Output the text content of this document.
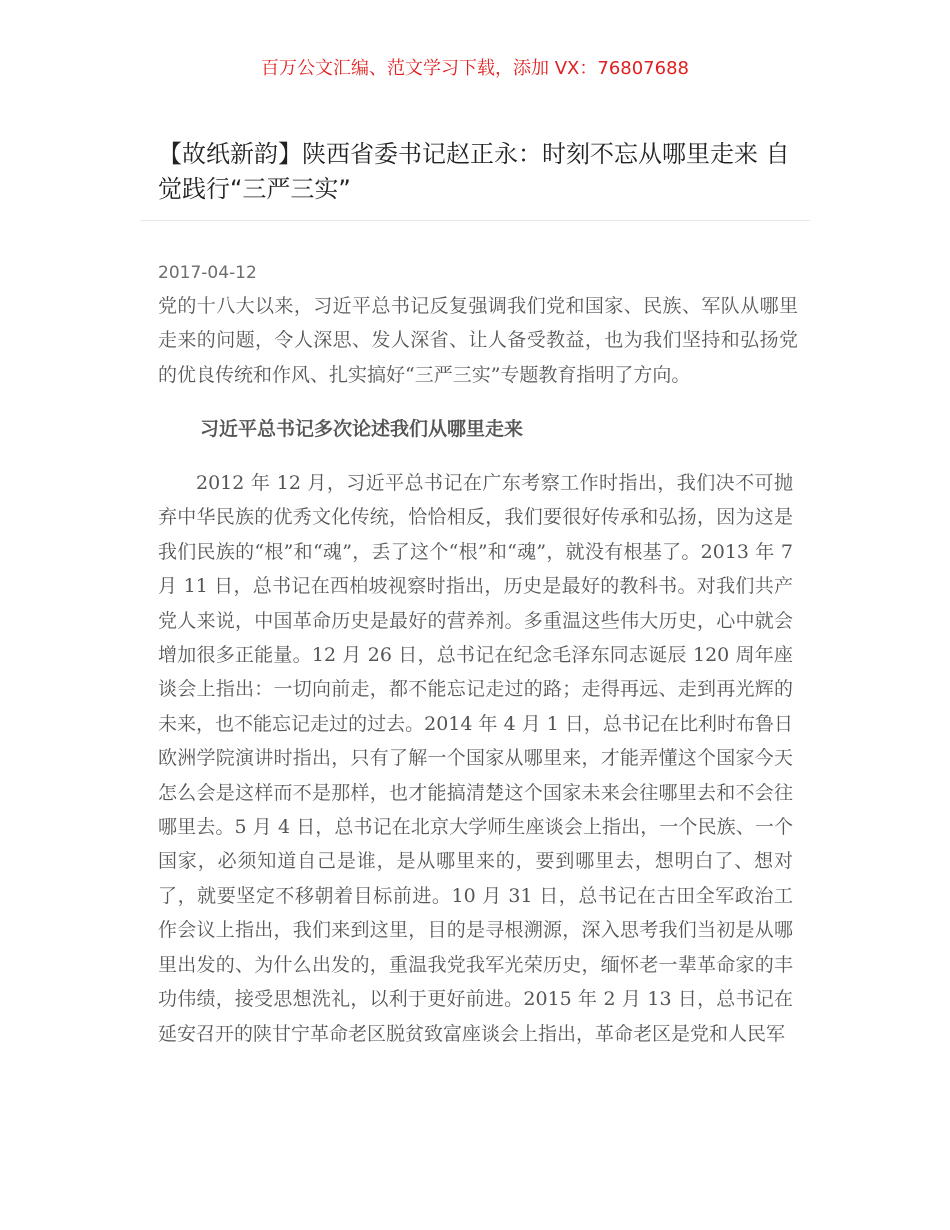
百万公文汇编、范文学习下载，添加 VX：76807688
【故纸新韵】陕西省委书记赵正永：时刻不忘从哪里走来 自觉践行“三严三实”
2017-04-12

党的十八大以来，习近平总书记反复强调我们党和国家、民族、军队从哪里走来的问题，令人深思、发人深省、让人备受教益，也为我们坚持和弘扬党的优良传统和作风、扎实搞好“三严三实”专题教育指明了方向。

习近平总书记多次论述我们从哪里走来

2012 年 12 月，习近平总书记在广东考察工作时指出，我们决不可抛弃中华民族的优秀文化传统，恰恰相反，我们要很好传承和弘扬，因为这是我们民族的“根”和“魂”，丢了这个“根”和“魂”，就没有根基了。2013 年 7 月 11 日，总书记在西柏坡视察时指出，历史是最好的教科书。对我们共产党人来说，中国革命历史是最好的营养剂。多重温这些伟大历史，心中就会增加很多正能量。12 月 26 日，总书记在纪念毛泽东同志诞辰 120 周年座谈会上指出：一切向前走，都不能忘记走过的路；走得再远、走到再光辉的未来，也不能忘记走过的过去。2014 年 4 月 1 日，总书记在比利时布鲁日欧洲学院演讲时指出，只有了解一个国家从哪里来，才能弄懂这个国家今天怎么会是这样而不是那样，也才能搞清楚这个国家未来会往哪里去和不会往哪里去。5 月 4 日，总书记在北京大学师生座谈会上指出，一个民族、一个国家，必须知道自己是谁，是从哪里来的，要到哪里去，想明白了、想对了，就要坚定不移朝着目标前进。10 月 31 日，总书记在古田全军政治工作会议上指出，我们来到这里，目的是寻根溯源，深入思考我们当初是从哪里出发的、为什么出发的，重温我党我军光荣历史，缅怀老一辈革命家的丰功伟绩，接受思想洗礼，以利于更好前进。2015 年 2 月 13 日，总书记在延安召开的陕甘宁革命老区脱贫致富座谈会上指出，革命老区是党和人民军
